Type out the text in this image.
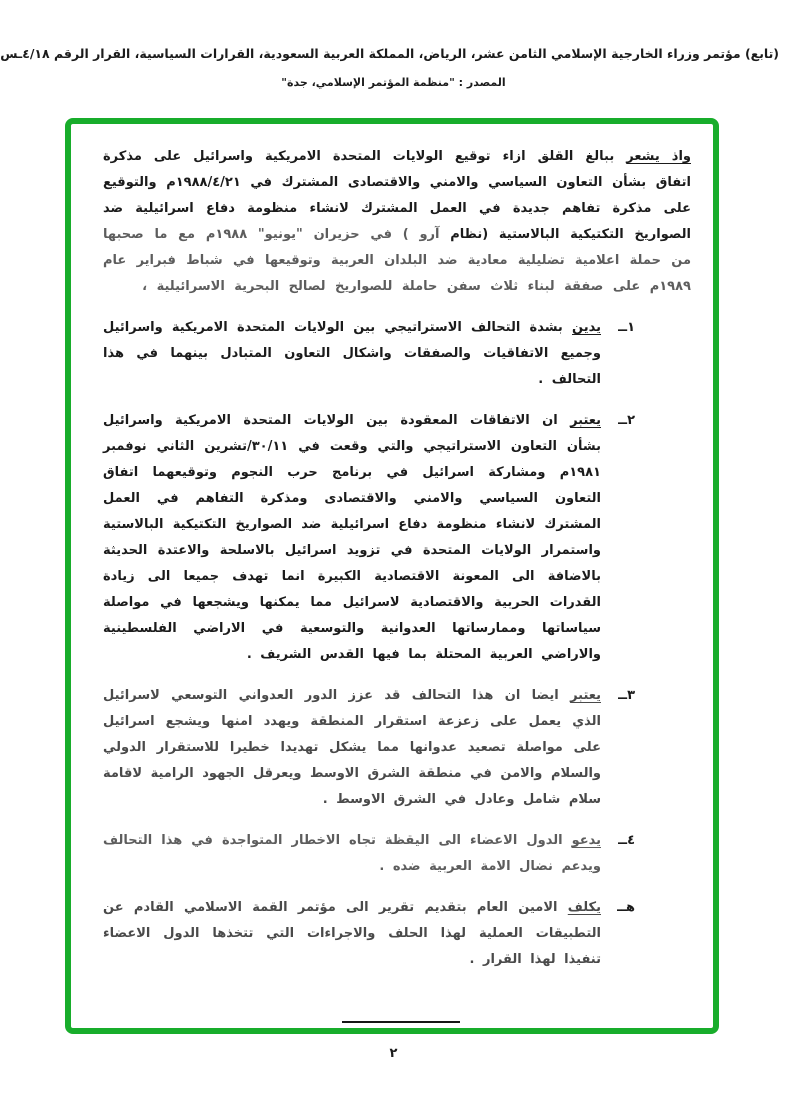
(تابع) مؤتمر وزراء الخارجية الإسلامي الثامن عشر، الرياض، المملكة العربية السعودية، القرارات السياسية، القرار الرقم ٤/١٨ـس
المصدر : "منظمة المؤتمر الإسلامي، جدة"

واذ يشعر ببالغ القلق ازاء توقيع الولايات المتحدة الامريكية واسرائيل على مذكرة اتفاق بشأن التعاون السياسي والامني والاقتصادى المشترك في ١٩٨٨/٤/٢١م والتوقيع على مذكرة تفاهم جديدة في العمل المشترك لانشاء منظومة دفاع اسرائيلية ضد الصواريخ التكتيكية البالاستية (نظام آرو ) في حزيران "يونيو" ١٩٨٨م مع ما صحبها من حملة اعلامية تضليلية معادية ضد البلدان العربية وتوقيعها في شباط فبراير عام ١٩٨٩م على صفقة لبناء ثلاث سفن حاملة للصواريخ لصالح البحرية الاسرائيلية ،

١ــ

يدين بشدة التحالف الاستراتيجي بين الولايات المتحدة الامريكية واسرائيل وجميع الاتفاقيات والصفقات واشكال التعاون المتبادل بينهما في هذا التحالف .

٢ــ

يعتبر ان الاتفاقات المعقودة بين الولايات المتحدة الامريكية واسرائيل بشأن التعاون الاستراتيجي والتي وقعت في ٣٠/١١/تشرين الثاني نوفمبر ١٩٨١م ومشاركة اسرائيل في برنامج حرب النجوم وتوقيعهما اتفاق التعاون السياسي والامني والاقتصادى ومذكرة التفاهم في العمل المشترك لانشاء منظومة دفاع اسرائيلية ضد الصواريخ التكتيكية البالاستية واستمرار الولايات المتحدة في تزويد اسرائيل بالاسلحة والاعتدة الحديثة بالاضافة الى المعونة الاقتصادية الكبيرة انما تهدف جميعا الى زيادة القدرات الحربية والاقتصادية لاسرائيل مما يمكنها ويشجعها في مواصلة سياساتها وممارساتها العدوانية والتوسعية في الاراضي الفلسطينية والاراضي العربية المحتلة بما فيها القدس الشريف .

٣ــ

يعتبر ايضا ان هذا التحالف قد عزز الدور العدواني التوسعي لاسرائيل الذي يعمل على زعزعة استقرار المنطقة ويهدد امنها ويشجع اسرائيل على مواصلة تصعيد عدوانها مما يشكل تهديدا خطيرا للاستقرار الدولي والسلام والامن في منطقة الشرق الاوسط ويعرقل الجهود الرامية لاقامة سلام شامل وعادل في الشرق الاوسط .

٤ــ

يدعو الدول الاعضاء الى اليقظة تجاه الاخطار المتواجدة في هذا التحالف ويدعم نضال الامة العربية ضده .

هــ

يكلف الامين العام بتقديم تقرير الى مؤتمر القمة الاسلامي القادم عن التطبيقات العملية لهذا الحلف والاجراءات التي تتخذها الدول الاعضاء تنفيذا لهذا القرار .

٢
